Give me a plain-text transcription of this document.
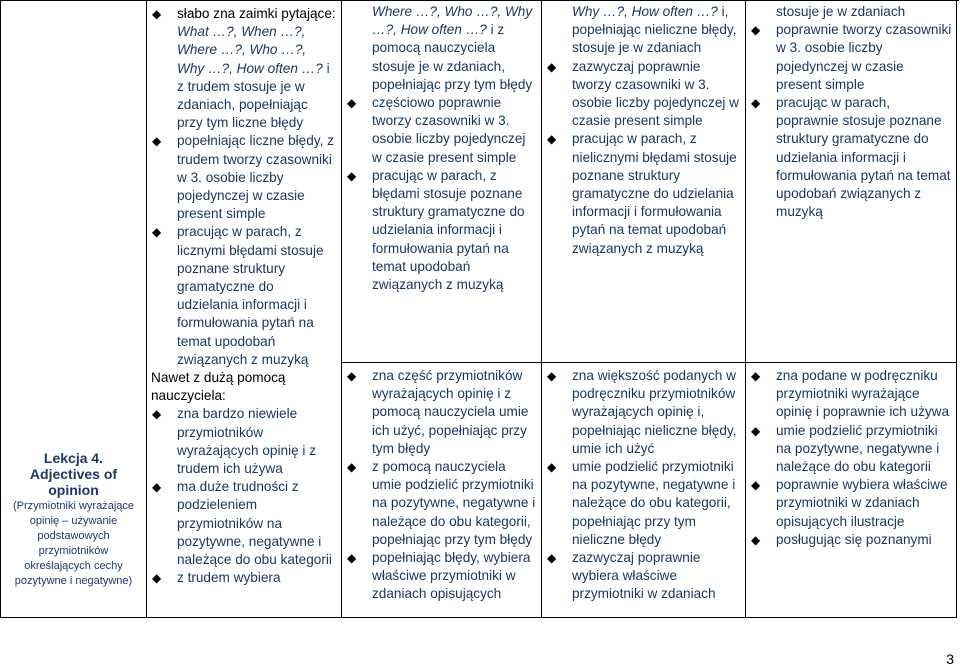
Lekcja 4.
Adjectives of opinion
(Przymiotniki wyrażające opinię – używanie podstawowych przymiotników określających cechy pozytywne i negatywne)
◆ słabo zna zaimki pytające: What …?, When …?, Where …?, Who …?, Why …?, How often …? i z trudem stosuje je w zdaniach, popełniając przy tym liczne błędy
◆ popełniając liczne błędy, z trudem tworzy czasowniki w 3. osobie liczby pojedynczej w czasie present simple
◆ pracując w parach, z licznymi błędami stosuje poznane struktury gramatyczne do udzielania informacji i formułowania pytań na temat upodobań związanych z muzyką
Nawet z dużą pomocą nauczyciela:
◆ zna bardzo niewiele przymiotników wyrażających opinię i z trudem ich używa
◆ ma duże trudności z podzieleniem przymiotników na pozytywne, negatywne i należące do obu kategorii
◆ z trudem wybiera
Where …?, Who …?, Why …?, How often …? i z pomocą nauczyciela stosuje je w zdaniach, popełniając przy tym błędy
◆ częściowo poprawnie tworzy czasowniki w 3. osobie liczby pojedynczej w czasie present simple
◆ pracując w parach, z błędami stosuje poznane struktury gramatyczne do udzielania informacji i formułowania pytań na temat upodobań związanych z muzyką
Why …?, How often …? i, popełniając nieliczne błędy, stosuje je w zdaniach
◆ zazwyczaj poprawnie tworzy czasowniki w 3. osobie liczby pojedynczej w czasie present simple
◆ pracując w parach, z nielicznymi błędami stosuje poznane struktury gramatyczne do udzielania informacji i formułowania pytań na temat upodobań związanych z muzyką
stosuje je w zdaniach
◆ poprawnie tworzy czasowniki w 3. osobie liczby pojedynczej w czasie present simple
◆ pracując w parach, poprawnie stosuje poznane struktury gramatyczne do udzielania informacji i formułowania pytań na temat upodobań związanych z muzyką
◆ zna część przymiotników wyrażających opinię i z pomocą nauczyciela umie ich użyć, popełniając przy tym błędy
◆ z pomocą nauczyciela umie podzielić przymiotniki na pozytywne, negatywne i należące do obu kategorii, popełniając przy tym błędy
◆ popełniając błędy, wybiera właściwe przymiotniki w zdaniach opisujących
◆ zna większość podanych w podręczniku przymiotników wyrażających opinię i, popełniając nieliczne błędy, umie ich użyć
◆ umie podzielić przymiotniki na pozytywne, negatywne i należące do obu kategorii, popełniając przy tym nieliczne błędy
◆ zazwyczaj poprawnie wybiera właściwe przymiotniki w zdaniach
◆ zna podane w podręczniku przymiotniki wyrażające opinię i poprawnie ich używa
◆ umie podzielić przymiotniki na pozytywne, negatywne i należące do obu kategorii
◆ poprawnie wybiera właściwe przymiotniki w zdaniach opisujących ilustracje
◆ posługując się poznanymi
3
